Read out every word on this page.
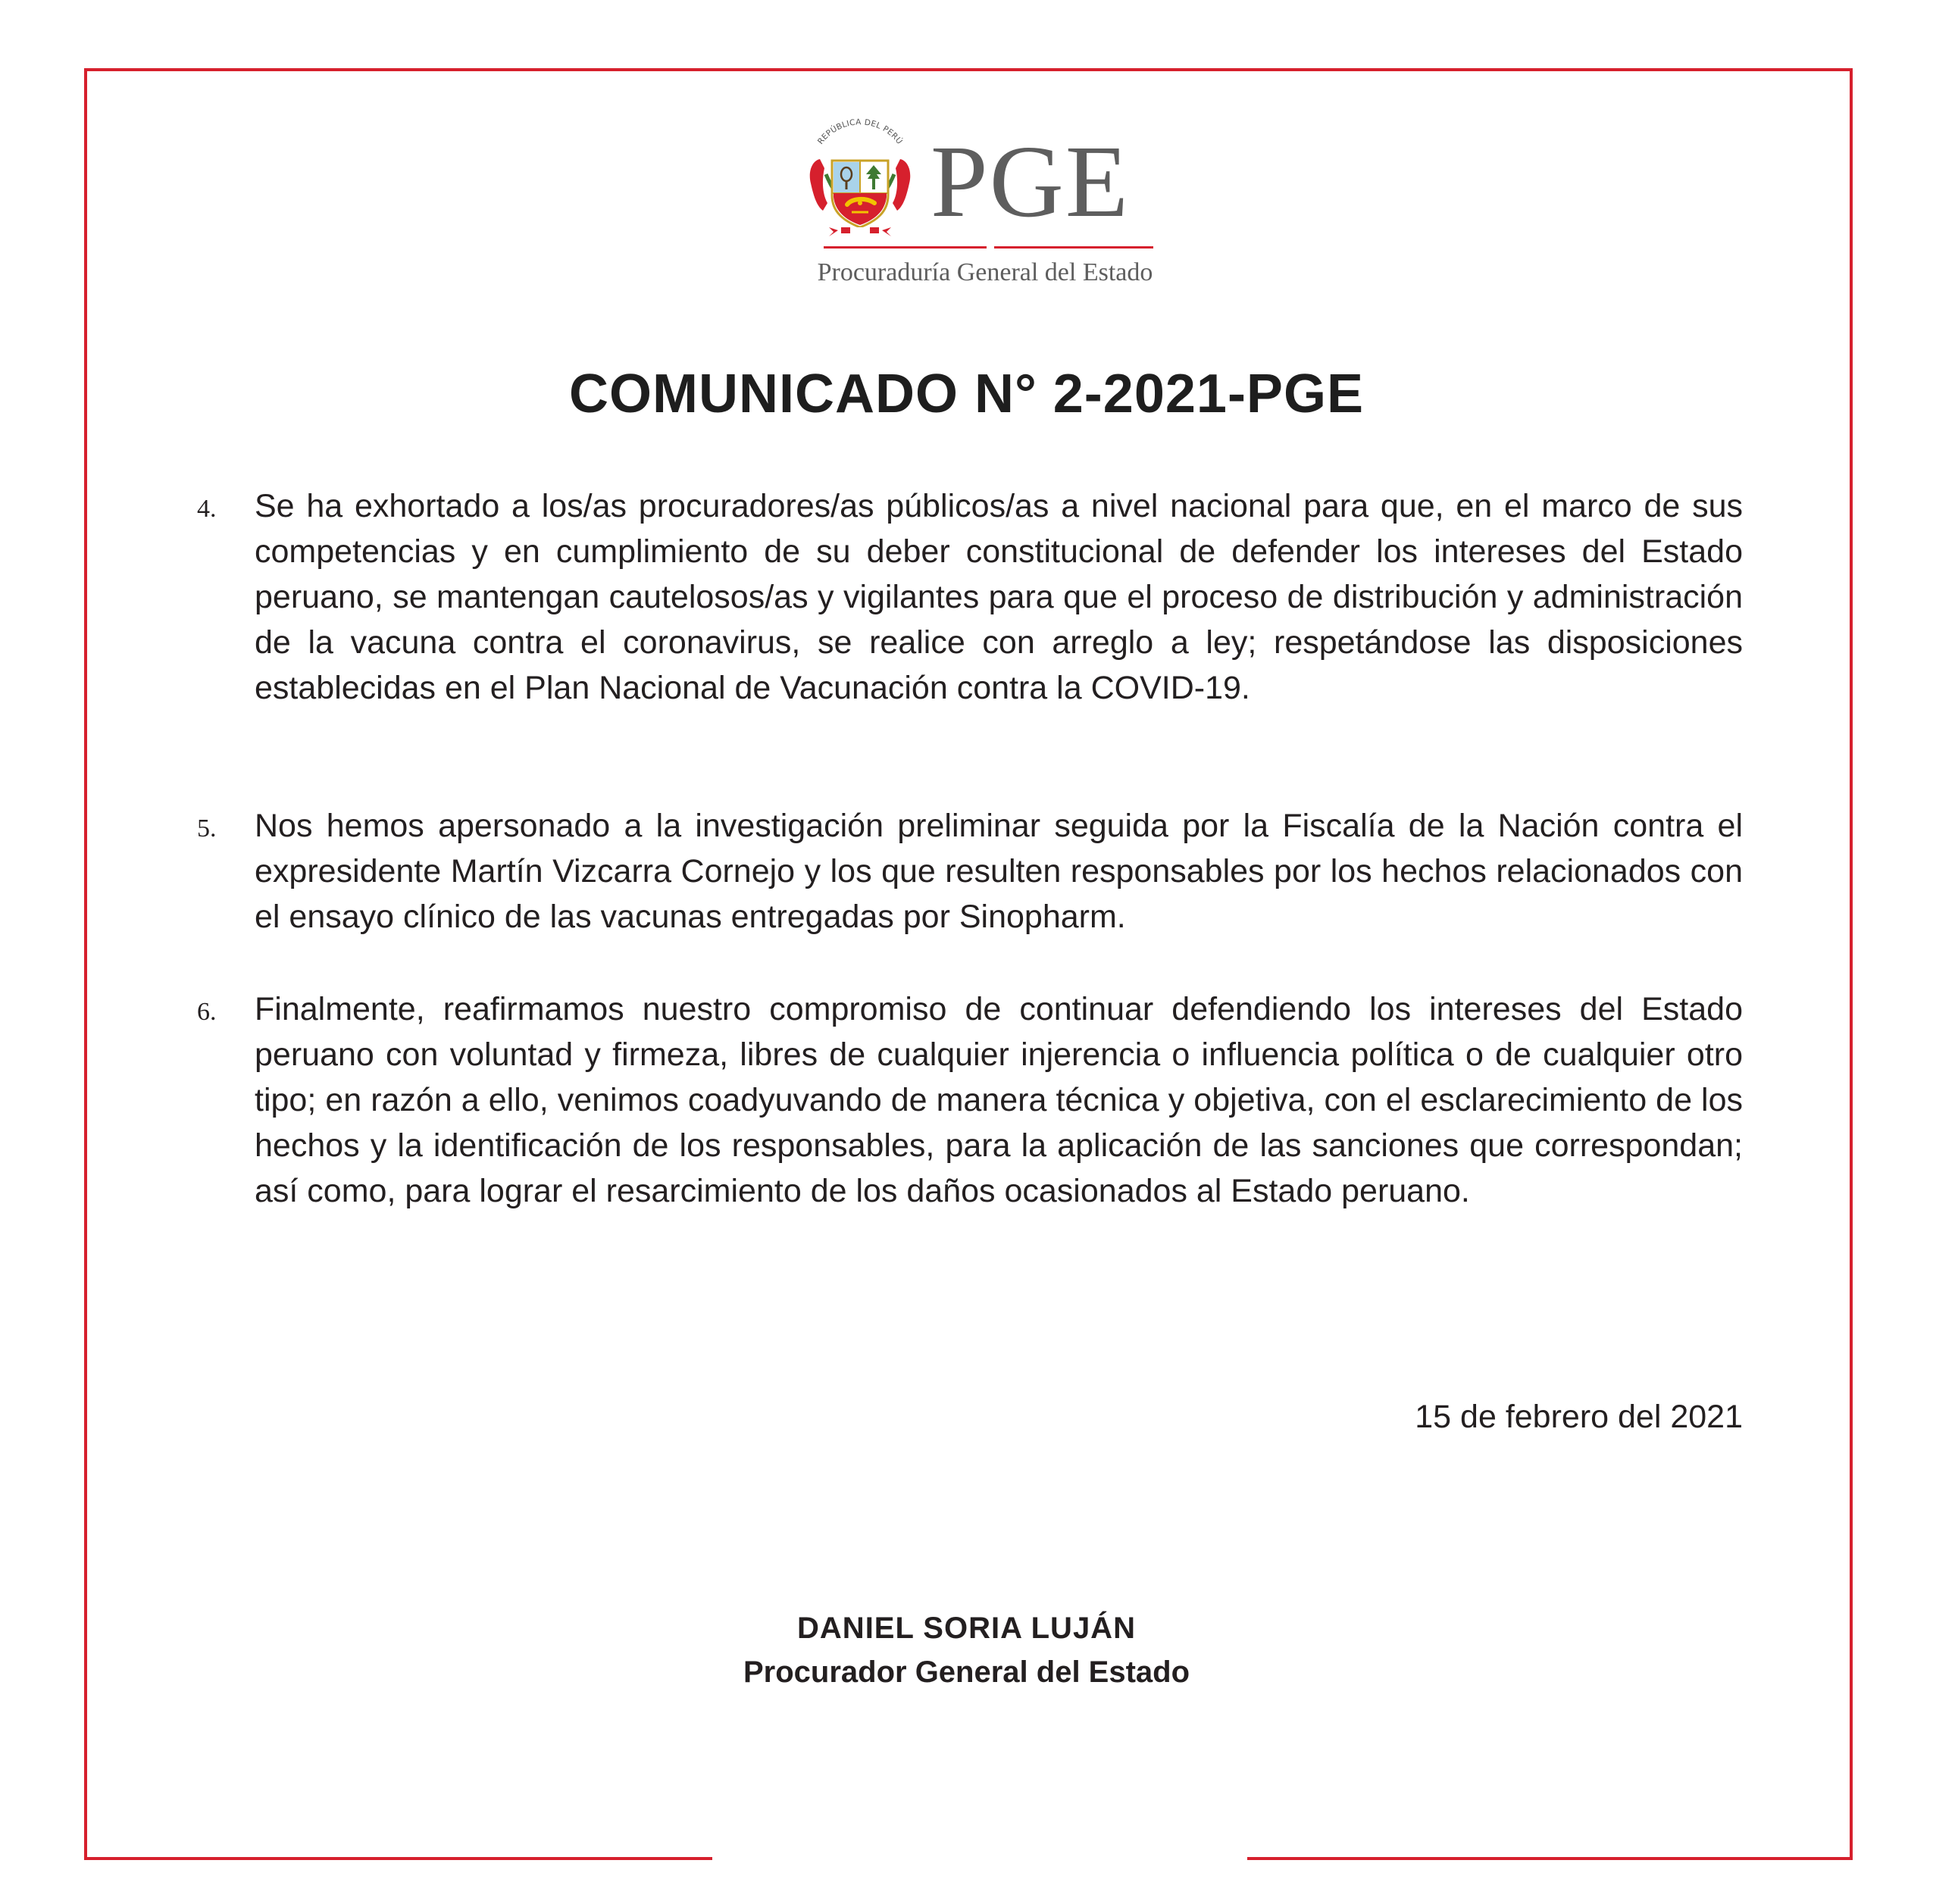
REPÚBLICA DEL PERÚ PGE
Procuraduría General del Estado
COMUNICADO N° 2-2021-PGE
4. Se ha exhortado a los/as procuradores/as públicos/as a nivel nacional para que, en el marco de sus competencias y en cumplimiento de su deber constitucional de defender los intereses del Estado peruano, se mantengan cautelosos/as y vigilantes para que el proceso de distribución y administración de la vacuna contra el coronavirus, se realice con arreglo a ley; respetándose las disposiciones establecidas en el Plan Nacional de Vacunación contra la COVID-19.
5. Nos hemos apersonado a la investigación preliminar seguida por la Fiscalía de la Nación contra el expresidente Martín Vizcarra Cornejo y los que resulten responsables por los hechos relacionados con el ensayo clínico de las vacunas entregadas por Sinopharm.
6. Finalmente, reafirmamos nuestro compromiso de continuar defendiendo los intereses del Estado peruano con voluntad y firmeza, libres de cualquier injerencia o influencia política o de cualquier otro tipo; en razón a ello, venimos coadyuvando de manera técnica y objetiva, con el esclarecimiento de los hechos y la identificación de los responsables, para la aplicación de las sanciones que correspondan; así como, para lograr el resarcimiento de los daños ocasionados al Estado peruano.
15 de febrero del 2021
DANIEL SORIA LUJÁN
Procurador General del Estado
